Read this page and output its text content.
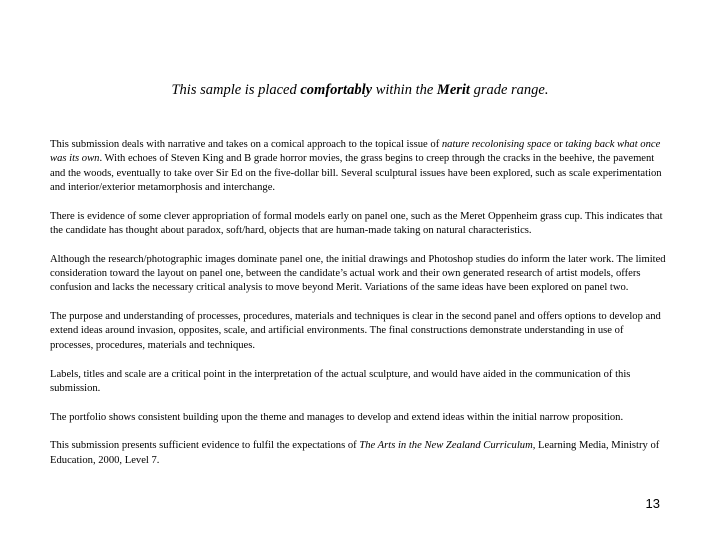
This sample is placed comfortably within the Merit grade range.

This submission deals with narrative and takes on a comical approach to the topical issue of nature recolonising space or taking back what once was its own. With echoes of Steven King and B grade horror movies, the grass begins to creep through the cracks in the beehive, the pavement and the woods, eventually to take over Sir Ed on the five-dollar bill. Several sculptural issues have been explored, such as scale experimentation and interior/exterior metamorphosis and interchange.

There is evidence of some clever appropriation of formal models early on panel one, such as the Meret Oppenheim grass cup. This indicates that the candidate has thought about paradox, soft/hard, objects that are human-made taking on natural characteristics.

Although the research/photographic images dominate panel one, the initial drawings and Photoshop studies do inform the later work. The limited consideration toward the layout on panel one, between the candidate’s actual work and their own generated research of artist models, offers confusion and lacks the necessary critical analysis to move beyond Merit. Variations of the same ideas have been explored on panel two.

The purpose and understanding of processes, procedures, materials and techniques is clear in the second panel and offers options to develop and extend ideas around invasion, opposites, scale, and artificial environments. The final constructions demonstrate understanding in use of processes, procedures, materials and techniques.

Labels, titles and scale are a critical point in the interpretation of the actual sculpture, and would have aided in the communication of this submission.

The portfolio shows consistent building upon the theme and manages to develop and extend ideas within the initial narrow proposition.

This submission presents sufficient evidence to fulfil the expectations of The Arts in the New Zealand Curriculum, Learning Media, Ministry of Education, 2000, Level 7.

13
